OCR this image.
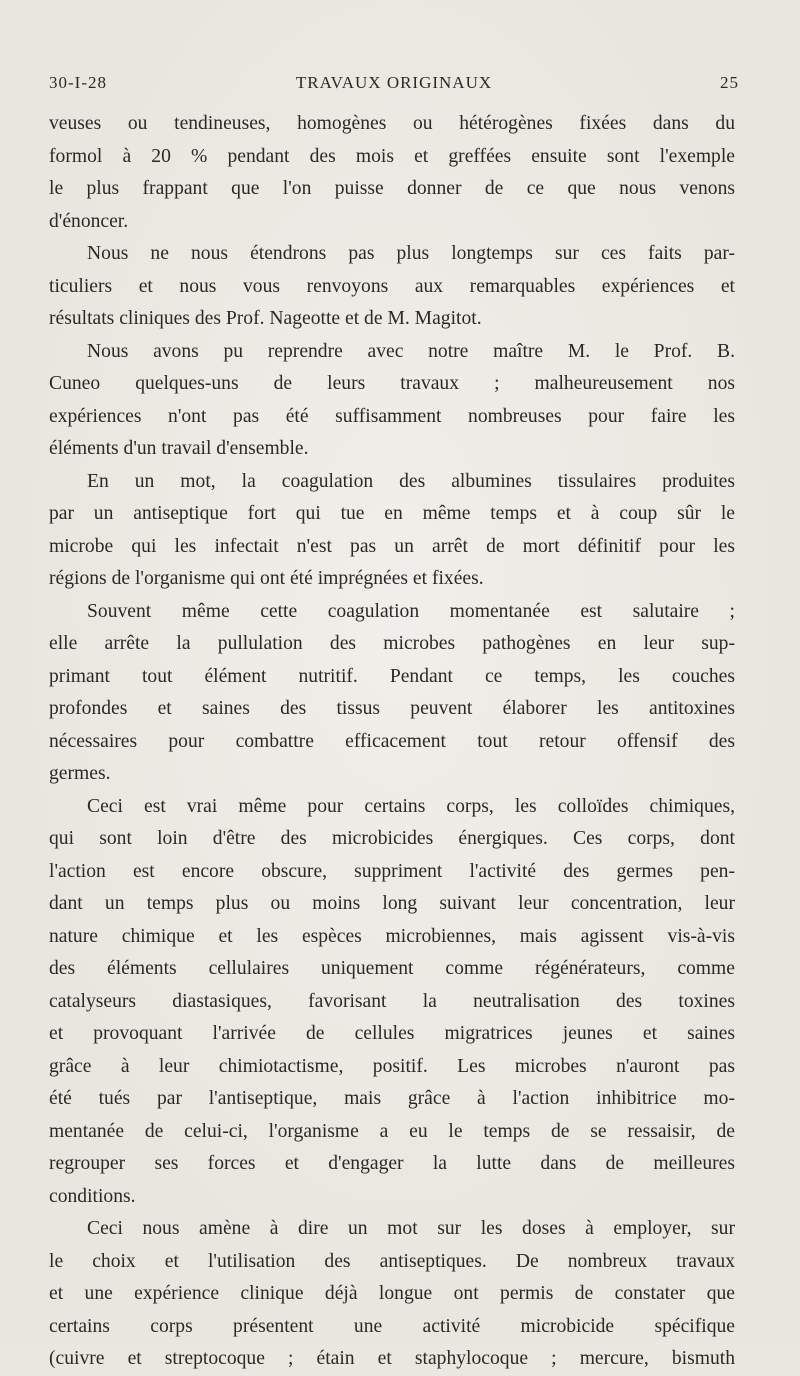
30-I-28	TRAVAUX ORIGINAUX	25
veuses ou tendineuses, homogènes ou hétérogènes fixées dans du
formol à 20 % pendant des mois et greffées ensuite sont l'exemple
le plus frappant que l'on puisse donner de ce que nous venons
d'énoncer.
Nous ne nous étendrons pas plus longtemps sur ces faits par-
ticuliers et nous vous renvoyons aux remarquables expériences et
résultats cliniques des Prof. Nageotte et de M. Magitot.
Nous avons pu reprendre avec notre maître M. le Prof. B.
Cuneo quelques-uns de leurs travaux ; malheureusement nos
expériences n'ont pas été suffisamment nombreuses pour faire les
éléments d'un travail d'ensemble.
En un mot, la coagulation des albumines tissulaires produites
par un antiseptique fort qui tue en même temps et à coup sûr le
microbe qui les infectait n'est pas un arrêt de mort définitif pour les
régions de l'organisme qui ont été imprégnées et fixées.
Souvent même cette coagulation momentanée est salutaire ;
elle arrête la pullulation des microbes pathogènes en leur sup-
primant tout élément nutritif. Pendant ce temps, les couches
profondes et saines des tissus peuvent élaborer les antitoxines
nécessaires pour combattre efficacement tout retour offensif des
germes.
Ceci est vrai même pour certains corps, les colloïdes chimiques,
qui sont loin d'être des microbicides énergiques. Ces corps, dont
l'action est encore obscure, suppriment l'activité des germes pen-
dant un temps plus ou moins long suivant leur concentration, leur
nature chimique et les espèces microbiennes, mais agissent vis-à-vis
des éléments cellulaires uniquement comme régénérateurs, comme
catalyseurs diastasiques, favorisant la neutralisation des toxines
et provoquant l'arrivée de cellules migratrices jeunes et saines
grâce à leur chimiotactisme, positif. Les microbes n'auront pas
été tués par l'antiseptique, mais grâce à l'action inhibitrice mo-
mentanée de celui-ci, l'organisme a eu le temps de se ressaisir, de
regrouper ses forces et d'engager la lutte dans de meilleures
conditions.
Ceci nous amène à dire un mot sur les doses à employer, sur
le choix et l'utilisation des antiseptiques. De nombreux travaux
et une expérience clinique déjà longue ont permis de constater que
certains corps présentent une activité microbicide spécifique
(cuivre et streptocoque ; étain et staphylocoque ; mercure, bismuth
